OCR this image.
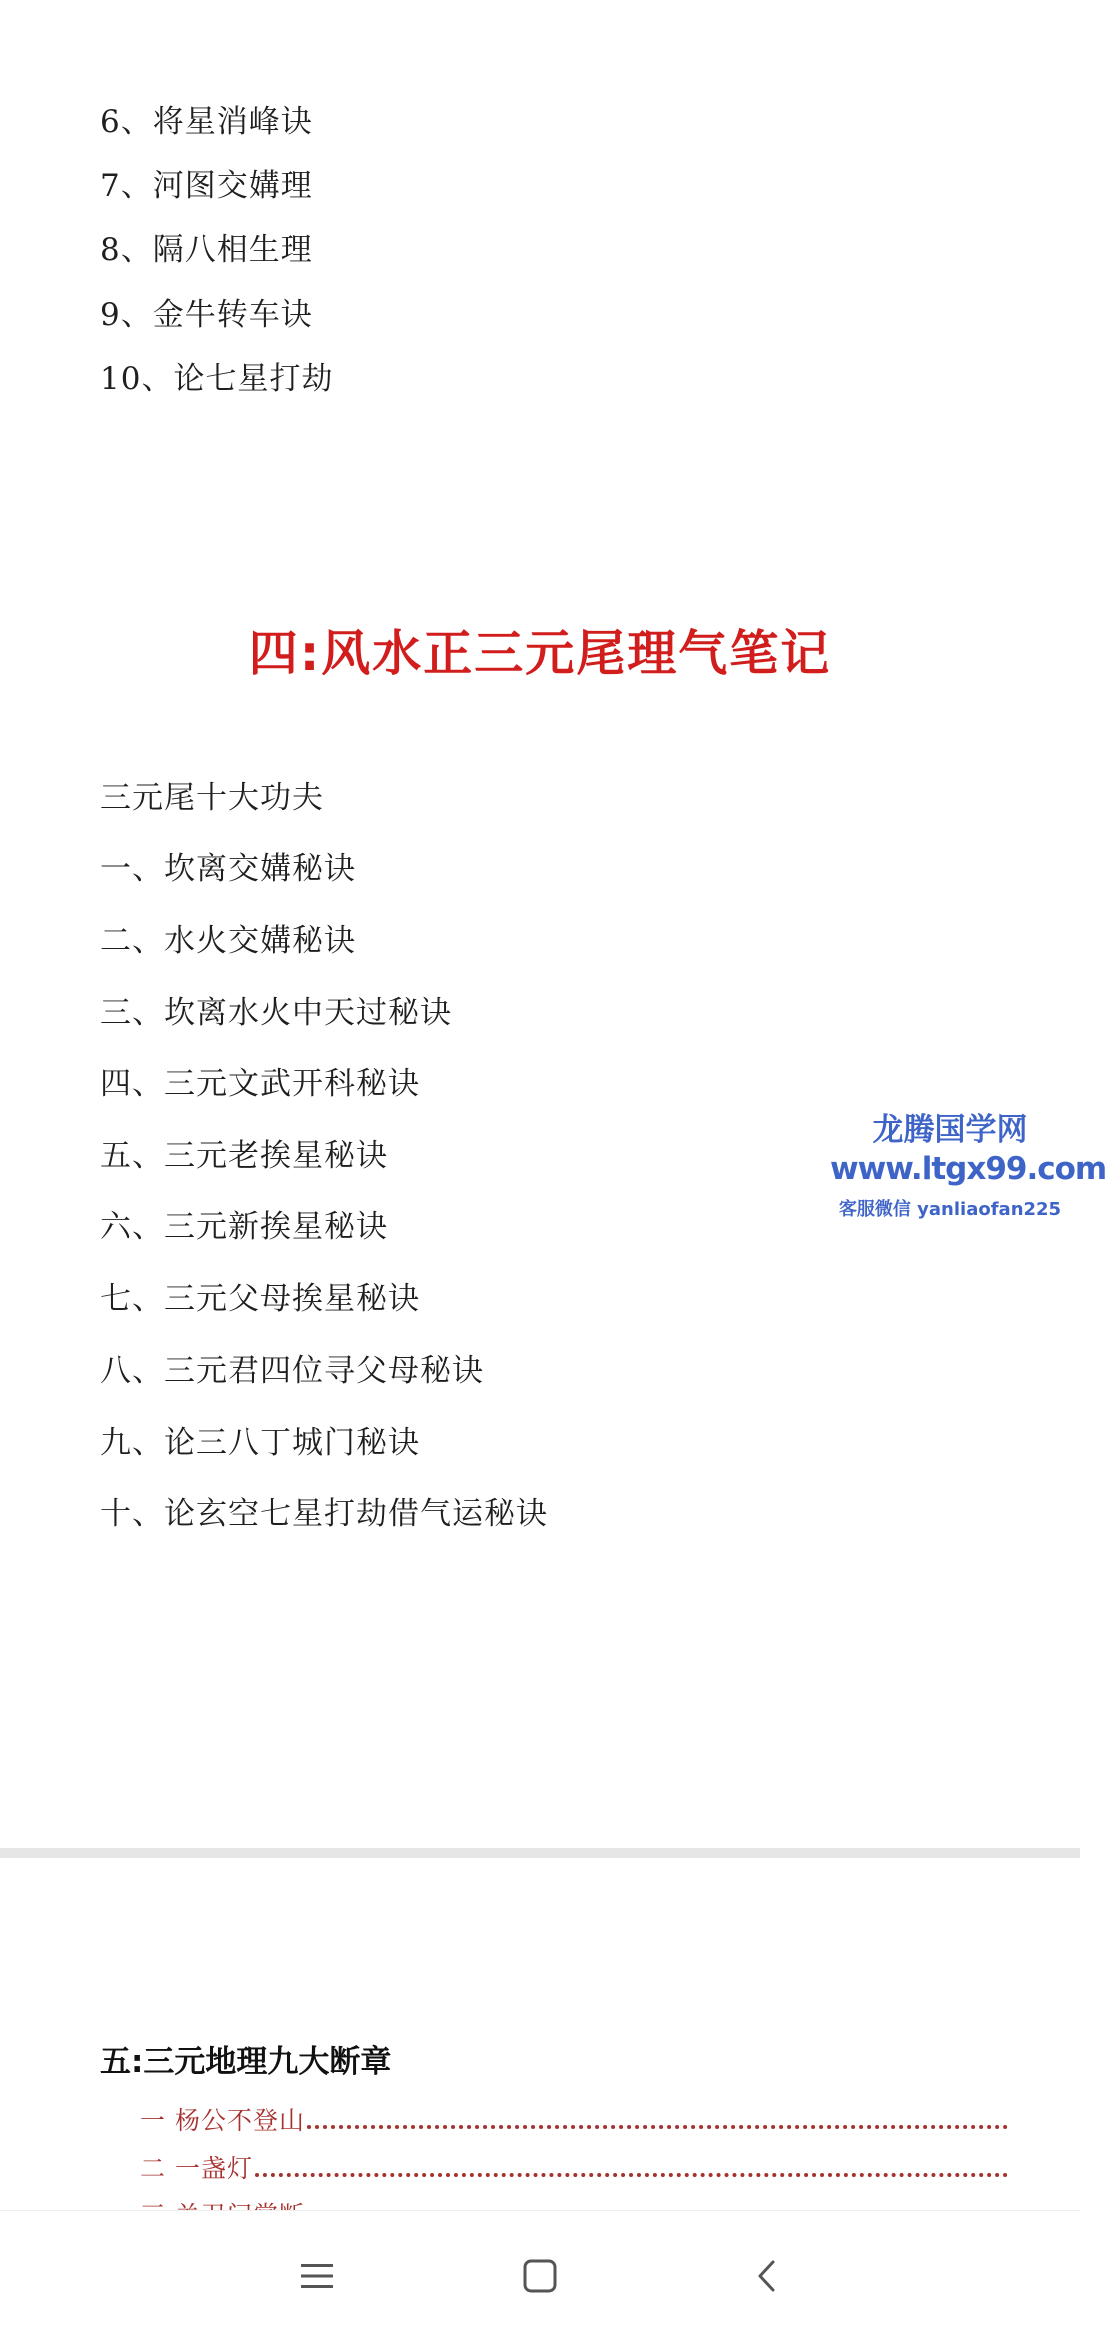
6、将星消峰诀
7、河图交媾理
8、隔八相生理
9、金牛转车诀
10、论七星打劫
四:风水正三元尾理气笔记
三元尾十大功夫
一、坎离交媾秘诀
二、水火交媾秘诀
三、坎离水火中天过秘诀
四、三元文武开科秘诀
五、三元老挨星秘诀
六、三元新挨星秘诀
七、三元父母挨星秘诀
八、三元君四位寻父母秘诀
九、论三八丁城门秘诀
十、论玄空七星打劫借气运秘诀
龙腾国学网
www.ltgx99.com
客服微信 yanliaofan225
五:三元地理九大断章
一 杨公不登山
二 一盏灯
